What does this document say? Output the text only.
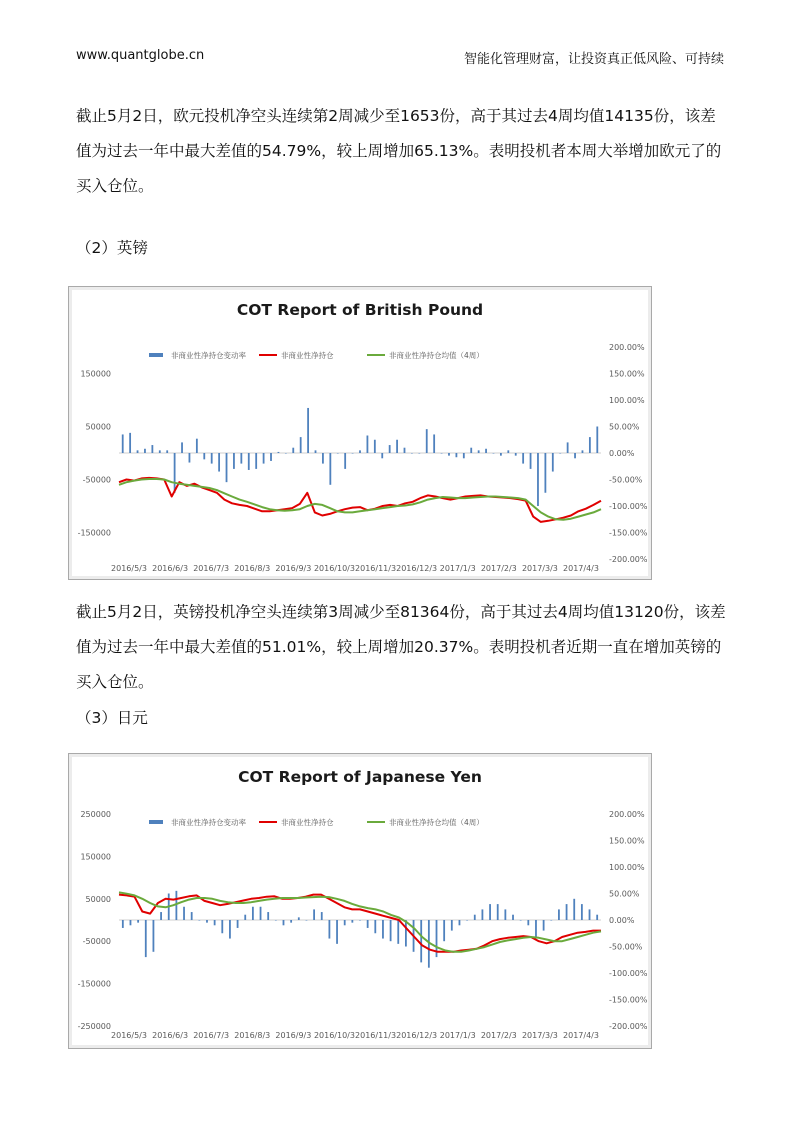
www.quantglobe.cn	智能化管理财富，让投资真正低风险、可持续
截止5月2日，欧元投机净空头连续第2周减少至1653份，高于其过去4周均值14135份，该差值为过去一年中最大差值的54.79%，较上周增加65.13%。表明投机者本周大举增加欧元了的买入仓位。
（2）英镑
COT Report of British Pound
非商业性净持仓变动率	非商业性净持仓	非商业性净持仓均值（4周）
150000
50000
-50000
-150000
200.00%
150.00%
100.00%
50.00%
0.00%
-50.00%
-100.00%
-150.00%
-200.00%
2016/5/3 2016/6/3 2016/7/3 2016/8/3 2016/9/3 2016/10/3 2016/11/3 2016/12/3 2017/1/3 2017/2/3 2017/3/3 2017/4/3
截止5月2日，英镑投机净空头连续第3周减少至81364份，高于其过去4周均值13120份，该差值为过去一年中最大差值的51.01%，较上周增加20.37%。表明投机者近期一直在增加英镑的买入仓位。
（3）日元
COT Report of Japanese Yen
非商业性净持仓变动率	非商业性净持仓	非商业性净持仓均值（4周）
250000
150000
50000
-50000
-150000
-250000
200.00%
150.00%
100.00%
50.00%
0.00%
-50.00%
-100.00%
-150.00%
-200.00%
2016/5/3 2016/6/3 2016/7/3 2016/8/3 2016/9/3 2016/10/3 2016/11/3 2016/12/3 2017/1/3 2017/2/3 2017/3/3 2017/4/3
